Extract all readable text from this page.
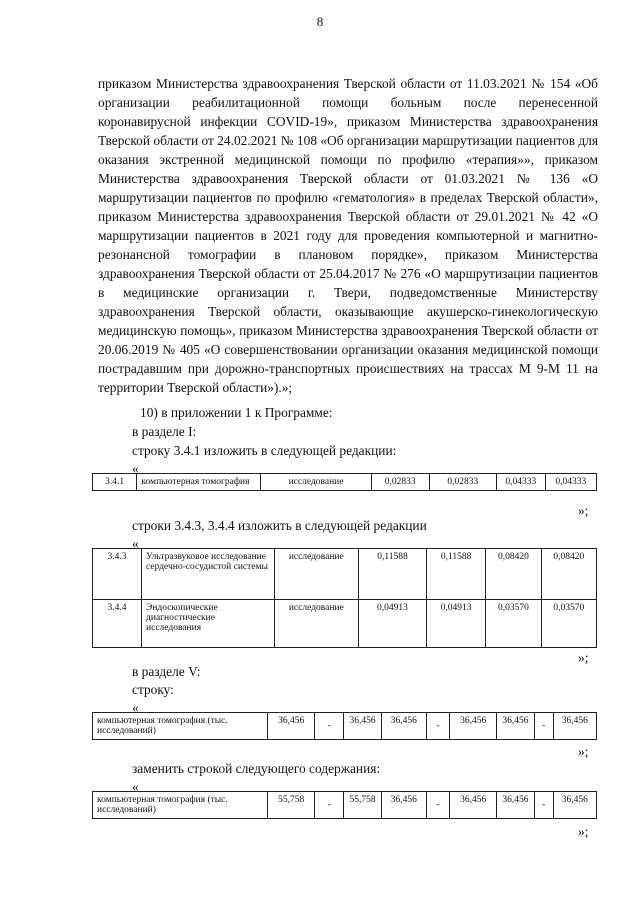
8

приказом Министерства здравоохранения Тверской области от 11.03.2021 № 154 «Об организации реабилитационной помощи больным после перенесенной коронавирусной инфекции COVID-19», приказом Министерства здравоохранения Тверской области от 24.02.2021 № 108 «Об организации маршрутизации пациентов для оказания экстренной медицинской помощи по профилю «терапия»», приказом Министерства здравоохранения Тверской области от 01.03.2021 № 136 «О маршрутизации пациентов по профилю «гематология» в пределах Тверской области», приказом Министерства здравоохранения Тверской области от 29.01.2021 № 42 «О маршрутизации пациентов в 2021 году для проведения компьютерной и магнитно-резонансной томографии в плановом порядке», приказом Министерства здравоохранения Тверской области от 25.04.2017 № 276 «О маршрутизации пациентов в медицинские организации г. Твери, подведомственные Министерству здравоохранения Тверской области, оказывающие акушерско-гинекологическую медицинскую помощь», приказом Министерства здравоохранения Тверской области от 20.06.2019 № 405 «О совершенствовании организации оказания медицинской помощи пострадавшим при дорожно-транспортных происшествиях на трассах М 9-М 11 на территории Тверской области»).»;

10) в приложении 1 к Программе:
в разделе I:
строку 3.4.1 изложить в следующей редакции:
«
3.4.1	компьютерная томография	исследование	0,02833	0,02833	0,04333	0,04333
»;
строки 3.4.3, 3.4.4 изложить в следующей редакции
«
3.4.3	Ультразвуковое исследование сердечно-сосудистой системы	исследование	0,11588	0,11588	0,08420	0,08420
3.4.4	Эндоскопические диагностические исследования	исследование	0,04913	0,04913	0,03570	0,03570
»;
в разделе V:
строку:
«
компьютерная томография (тыс. исследований)	36,456	-	36,456	36,456	-	36,456	36,456	-	36,456
»;
заменить строкой следующего содержания:
«
компьютерная томография (тыс. исследований)	55,758	-	55,758	36,456	-	36,456	36,456	-	36,456
»;
